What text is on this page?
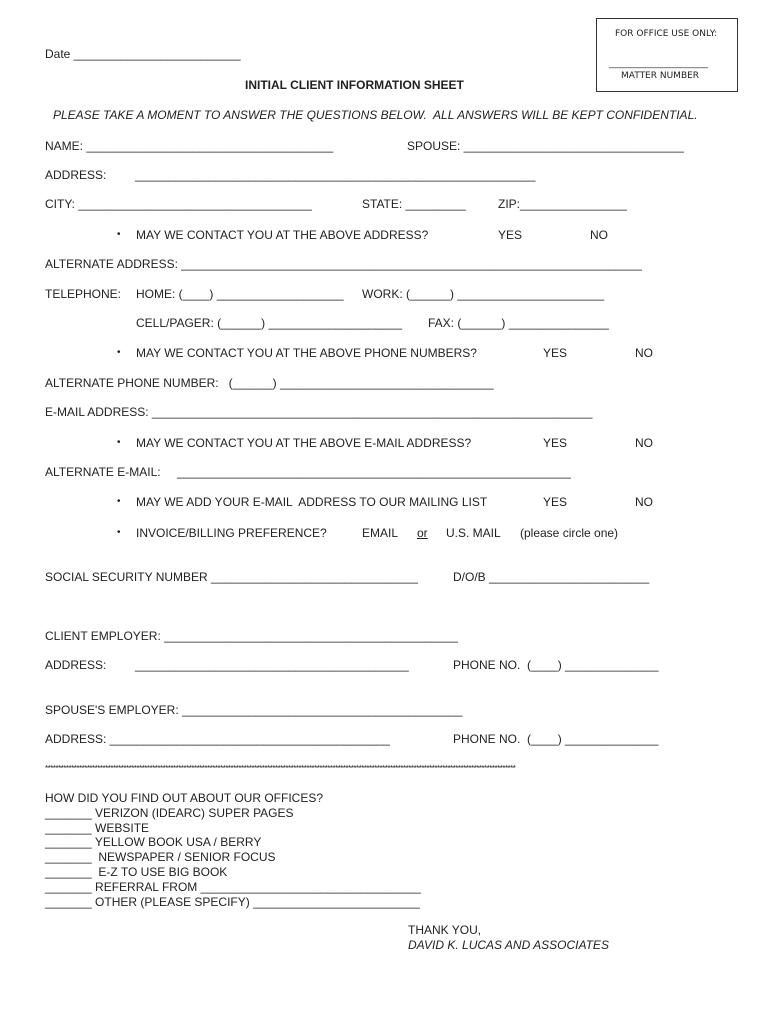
FOR OFFICE USE ONLY:
______________________
MATTER NUMBER
Date _________________________
INITIAL CLIENT INFORMATION SHEET
PLEASE TAKE A MOMENT TO ANSWER THE QUESTIONS BELOW.  ALL ANSWERS WILL BE KEPT CONFIDENTIAL.
NAME: _____________________________________	SPOUSE: _________________________________
ADDRESS: ____________________________________________________________
CITY: ___________________________________	STATE: _________	ZIP:________________
• MAY WE CONTACT YOU AT THE ABOVE ADDRESS?	YES	NO
ALTERNATE ADDRESS: _____________________________________________________________________
TELEPHONE: HOME: (____) ___________________ WORK: (______) ______________________
CELL/PAGER: (______) ____________________ FAX: (______) _______________
• MAY WE CONTACT YOU AT THE ABOVE PHONE NUMBERS?	YES	NO
ALTERNATE PHONE NUMBER:   (______) ________________________________
E-MAIL ADDRESS: __________________________________________________________________
• MAY WE CONTACT YOU AT THE ABOVE E-MAIL ADDRESS?	YES	NO
ALTERNATE E-MAIL: ___________________________________________________________
• MAY WE ADD YOUR E-MAIL  ADDRESS TO OUR MAILING LIST	YES	NO
• INVOICE/BILLING PREFERENCE?	EMAIL or U.S. MAIL (please circle one)
SOCIAL SECURITY NUMBER _______________________________	D/O/B ________________________
CLIENT EMPLOYER: ____________________________________________
ADDRESS: _________________________________________	PHONE NO.  (____) ______________
SPOUSE'S EMPLOYER: __________________________________________
ADDRESS: __________________________________________	PHONE NO.  (____) ______________
************************************************************************************************************************************************************************************
HOW DID YOU FIND OUT ABOUT OUR OFFICES?
_______ VERIZON (IDEARC) SUPER PAGES
_______ WEBSITE
_______ YELLOW BOOK USA / BERRY
_______  NEWSPAPER / SENIOR FOCUS
_______  E-Z TO USE BIG BOOK
_______ REFERRAL FROM _________________________________
_______ OTHER (PLEASE SPECIFY) _________________________
THANK YOU,
DAVID K. LUCAS AND ASSOCIATES
